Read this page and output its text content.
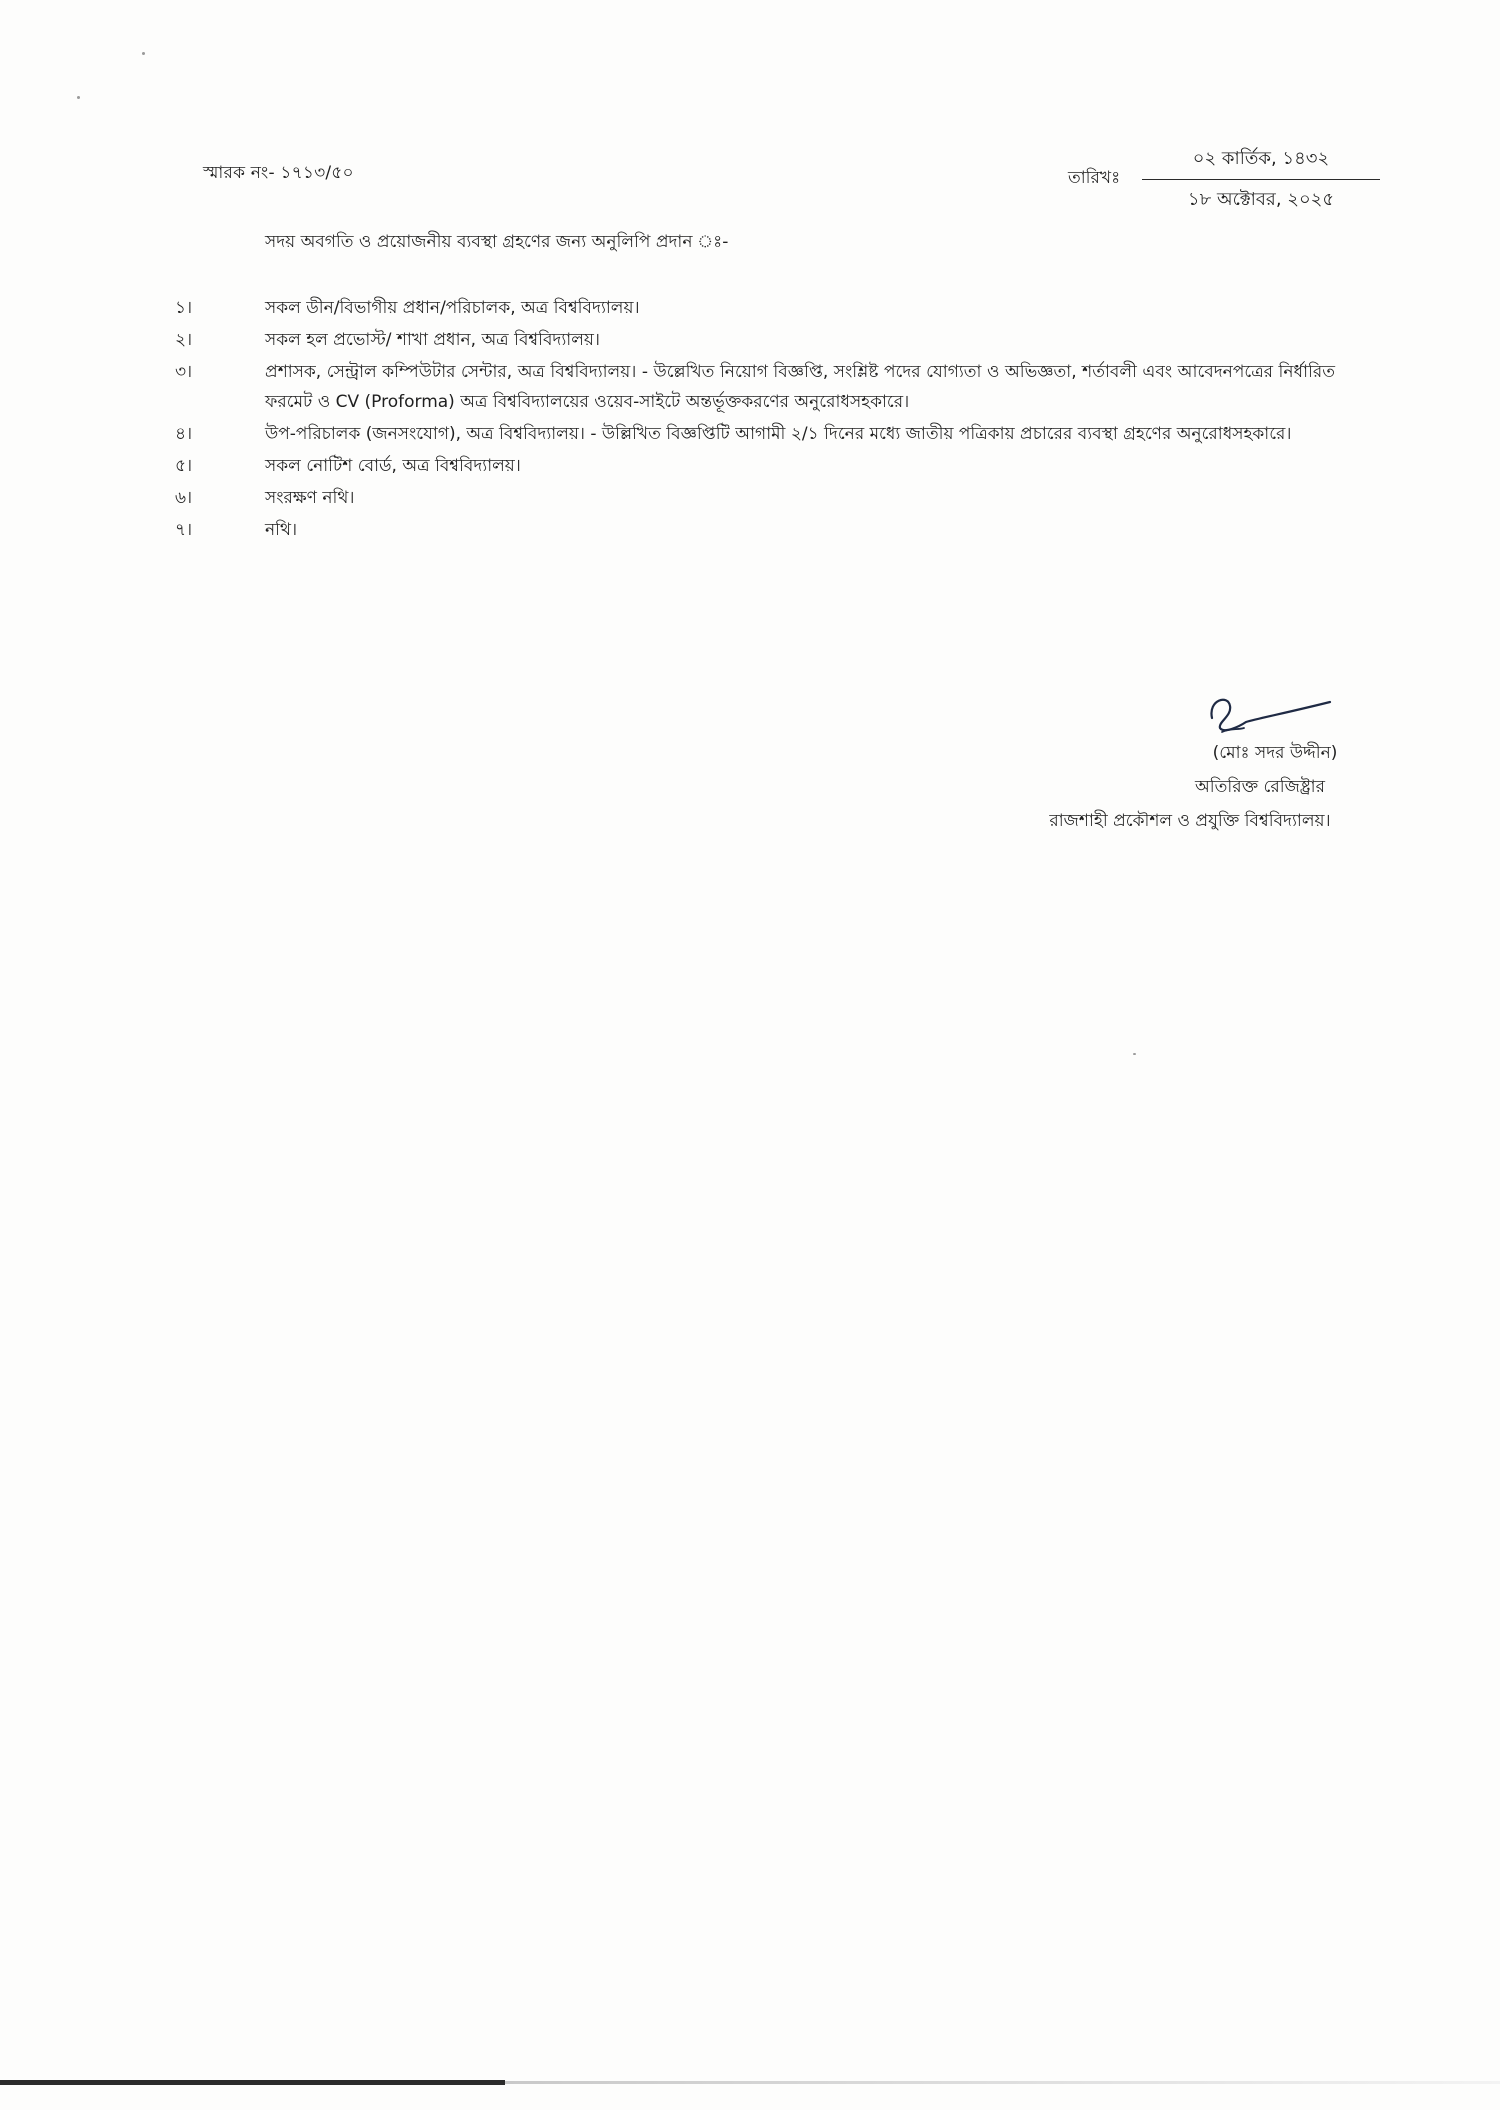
স্মারক নং- ১৭১৩/৫০	তারিখঃ
০২ কার্তিক, ১৪৩২
১৮ অক্টোবর, ২০২৫
সদয় অবগতি ও প্রয়োজনীয় ব্যবস্থা গ্রহণের জন্য অনুলিপি প্রদান ঃ-
১।	সকল ডীন/বিভাগীয় প্রধান/পরিচালক, অত্র বিশ্ববিদ্যালয়।
২।	সকল হল প্রভোস্ট/ শাখা প্রধান, অত্র বিশ্ববিদ্যালয়।
৩।	প্রশাসক, সেন্ট্রাল কম্পিউটার সেন্টার, অত্র বিশ্ববিদ্যালয়। - উল্লেখিত নিয়োগ বিজ্ঞপ্তি, সংশ্লিষ্ট পদের যোগ্যতা ও অভিজ্ঞতা, শর্তাবলী এবং আবেদনপত্রের নির্ধারিত ফরমেট ও CV (Proforma) অত্র বিশ্ববিদ্যালয়ের ওয়েব-সাইটে অন্তর্ভূক্তকরণের অনুরোধসহকারে।
৪।	উপ-পরিচালক (জনসংযোগ), অত্র বিশ্ববিদ্যালয়। - উল্লিখিত বিজ্ঞপ্তিটি আগামী ২/১ দিনের মধ্যে জাতীয় পত্রিকায় প্রচারের ব্যবস্থা গ্রহণের অনুরোধসহকারে।
৫।	সকল নোটিশ বোর্ড, অত্র বিশ্ববিদ্যালয়।
৬।	সংরক্ষণ নথি।
৭।	নথি।
(মোঃ সদর উদ্দীন)
অতিরিক্ত রেজিষ্ট্রার
রাজশাহী প্রকৌশল ও প্রযুক্তি বিশ্ববিদ্যালয়।
